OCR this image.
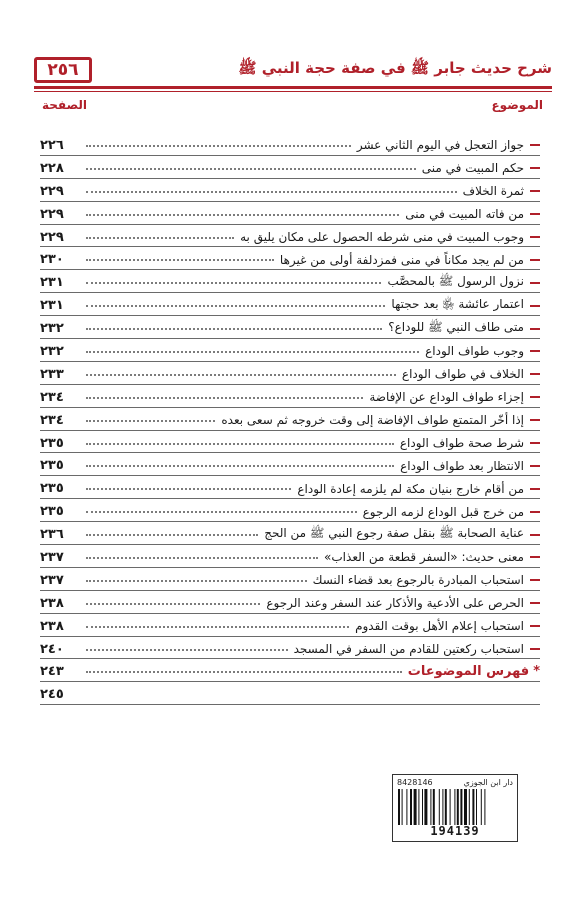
٢٥٦	شرح حديث جابر ﷺ في صفة حجة النبي ﷺ
الموضوع
الصفحة
جواز التعجل في اليوم الثاني عشر
٢٢٦
حكم المبيت في منى
٢٢٨
ثمرة الخلاف
٢٢٩
من فاته المبيت في منى
٢٢٩
وجوب المبيت في منى شرطه الحصول على مكان يليق به
٢٢٩
من لم يجد مكاناً في منى فمزدلفة أولى من غيرها
٢٣٠
نزول الرسول ﷺ بالمحصَّب
٢٣١
اعتمار عائشة ﵂ بعد حجتها
٢٣١
متى طاف النبي ﷺ للوداع؟
٢٣٢
وجوب طواف الوداع
٢٣٢
الخلاف في طواف الوداع
٢٣٣
إجزاء طواف الوداع عن الإفاضة
٢٣٤
إذا أخّر المتمتع طواف الإفاضة إلى وقت خروجه ثم سعى بعده
٢٣٤
شرط صحة طواف الوداع
٢٣٥
الانتظار بعد طواف الوداع
٢٣٥
من أقام خارج بنيان مكة لم يلزمه إعادة الوداع
٢٣٥
من خرج قبل الوداع لزمه الرجوع
٢٣٥
عناية الصحابة ﷺ بنقل صفة رجوع النبي ﷺ من الحج
٢٣٦
معنى حديث: «السفر قطعة من العذاب»
٢٣٧
استحباب المبادرة بالرجوع بعد قضاء النسك
٢٣٧
الحرص على الأدعية والأذكار عند السفر وعند الرجوع
٢٣٨
استحباب إعلام الأهل بوقت القدوم
٢٣٨
استحباب ركعتين للقادم من السفر في المسجد
٢٤٠
*
فهرس الموضوعات
٢٤٣
٢٤٥
8428146	دار ابن الجوزي
194139
